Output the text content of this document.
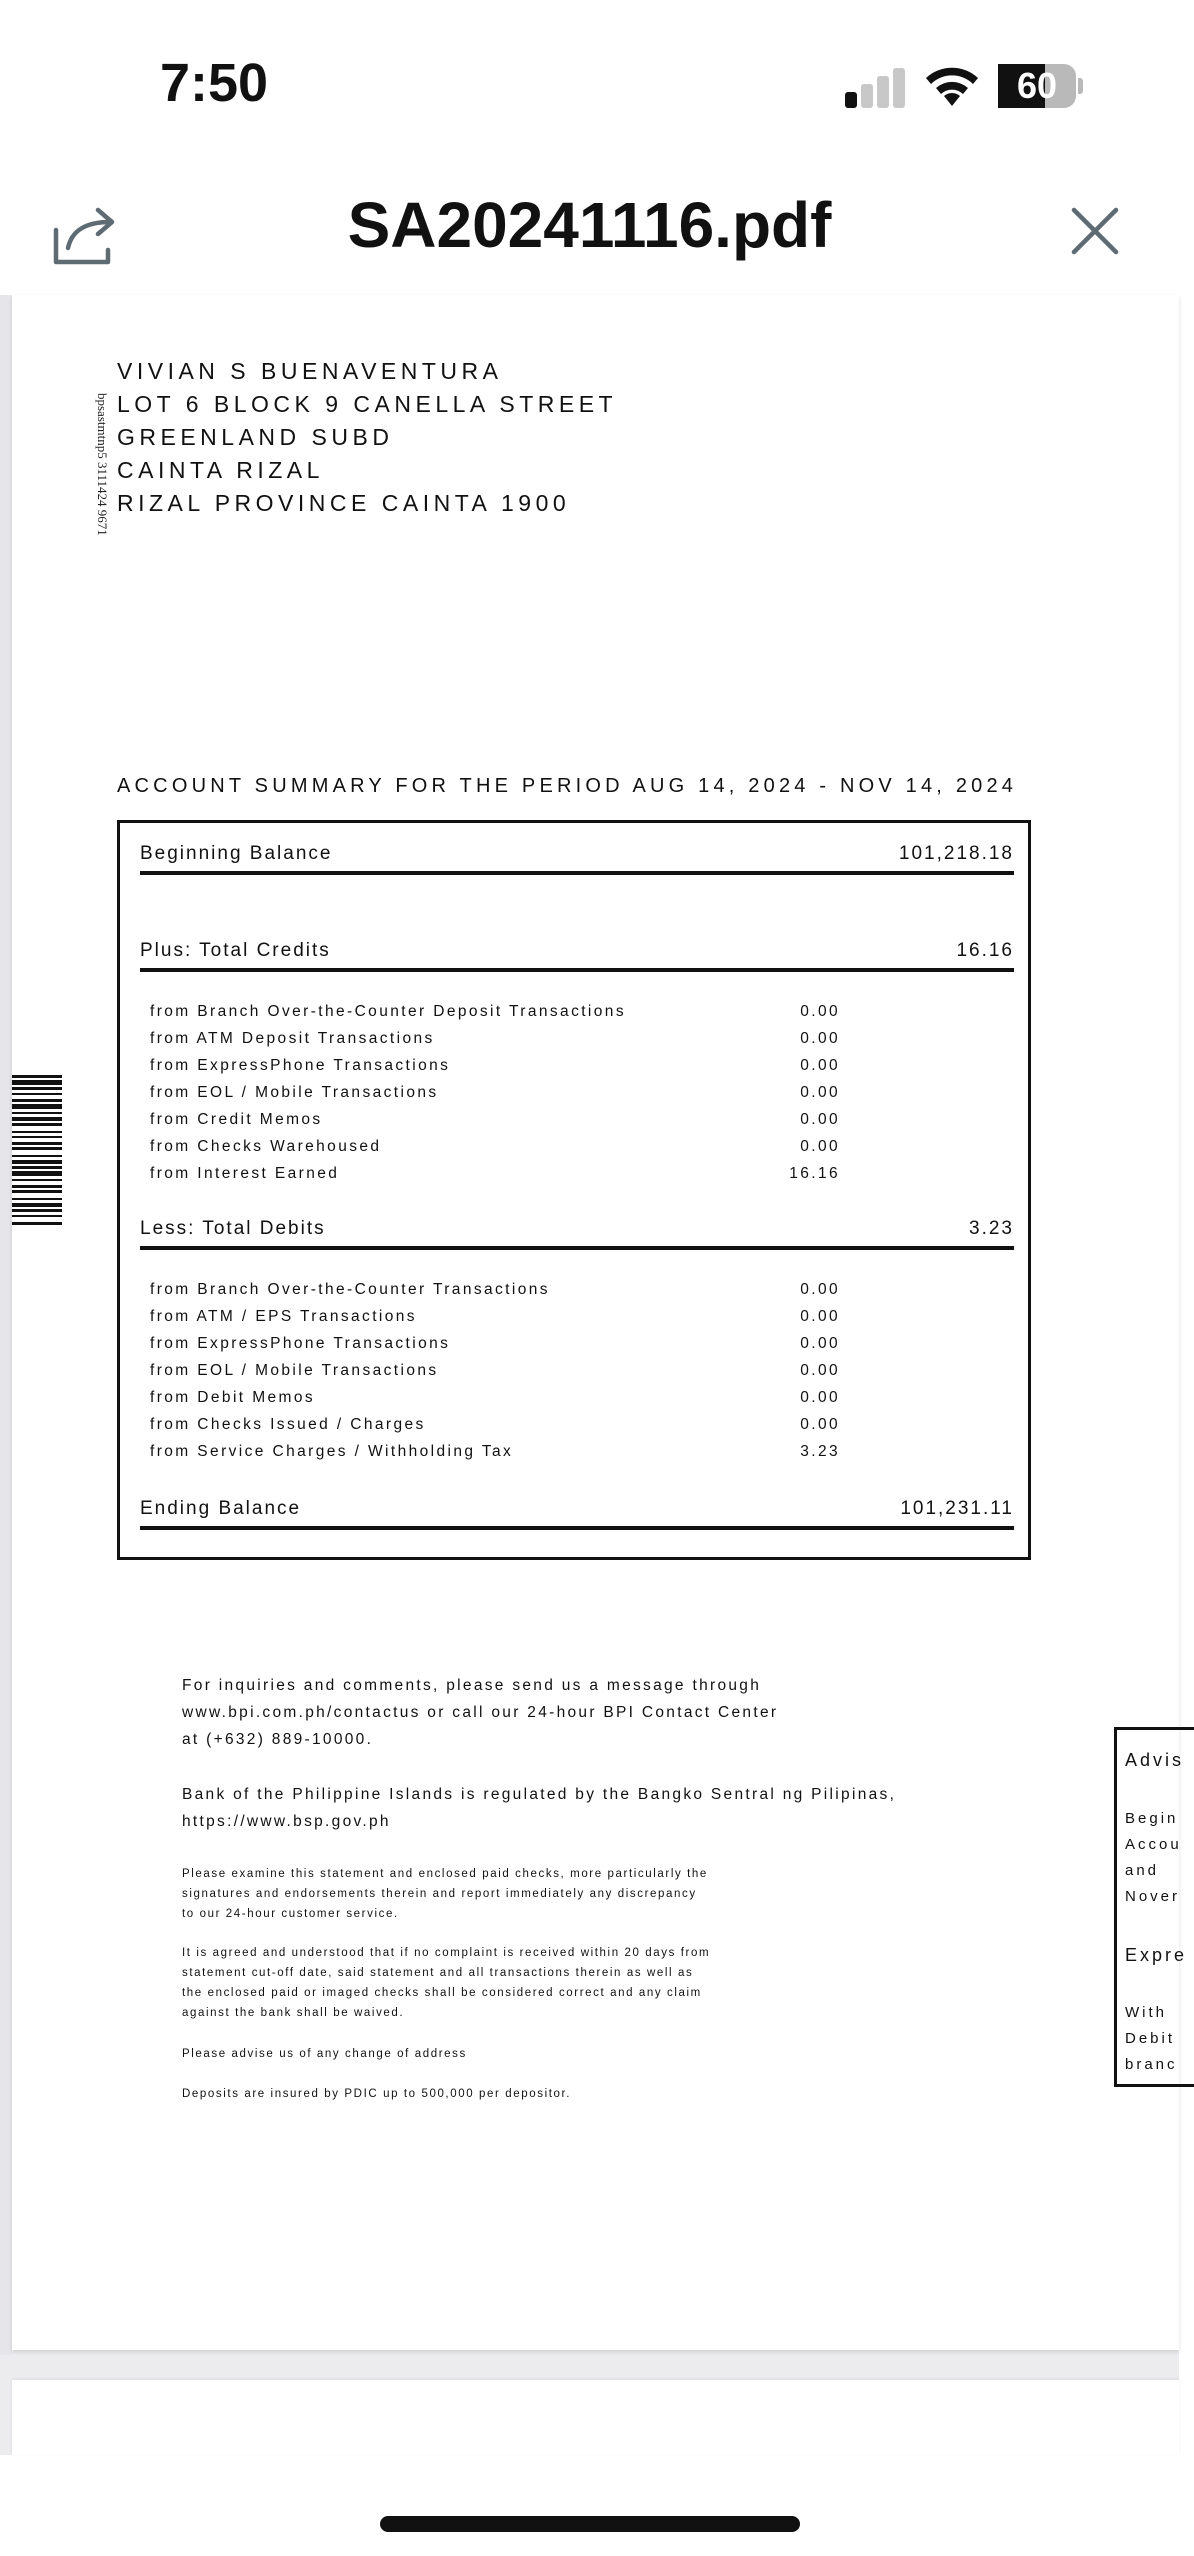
7:50	60
SA20241116.pdf
bpsastmtnp5 3111424 9671
VIVIAN S BUENAVENTURA
LOT 6 BLOCK 9 CANELLA STREET
GREENLAND SUBD
CAINTA RIZAL
RIZAL PROVINCE CAINTA 1900
ACCOUNT SUMMARY FOR THE PERIOD AUG 14, 2024 - NOV 14, 2024
Beginning Balance	101,218.18
Plus: Total Credits	16.16
from Branch Over-the-Counter Deposit Transactions	0.00
from ATM Deposit Transactions	0.00
from ExpressPhone Transactions	0.00
from EOL / Mobile Transactions	0.00
from Credit Memos	0.00
from Checks Warehoused	0.00
from Interest Earned	16.16
Less: Total Debits	3.23
from Branch Over-the-Counter Transactions	0.00
from ATM / EPS Transactions	0.00
from ExpressPhone Transactions	0.00
from EOL / Mobile Transactions	0.00
from Debit Memos	0.00
from Checks Issued / Charges	0.00
from Service Charges / Withholding Tax	3.23
Ending Balance	101,231.11
For inquiries and comments, please send us a message through
www.bpi.com.ph/contactus or call our 24-hour BPI Contact Center
at (+632) 889-10000.
Bank of the Philippine Islands is regulated by the Bangko Sentral ng Pilipinas,
https://www.bsp.gov.ph
Please examine this statement and enclosed paid checks, more particularly the
signatures and endorsements therein and report immediately any discrepancy
to our 24-hour customer service.
It is agreed and understood that if no complaint is received within 20 days from
statement cut-off date, said statement and all transactions therein as well as
the enclosed paid or imaged checks shall be considered correct and any claim
against the bank shall be waived.
Please advise us of any change of address
Deposits are insured by PDIC up to 500,000 per depositor.
Advis
Begin
Accou
and
Nover
Expre
With
Debit
branc
